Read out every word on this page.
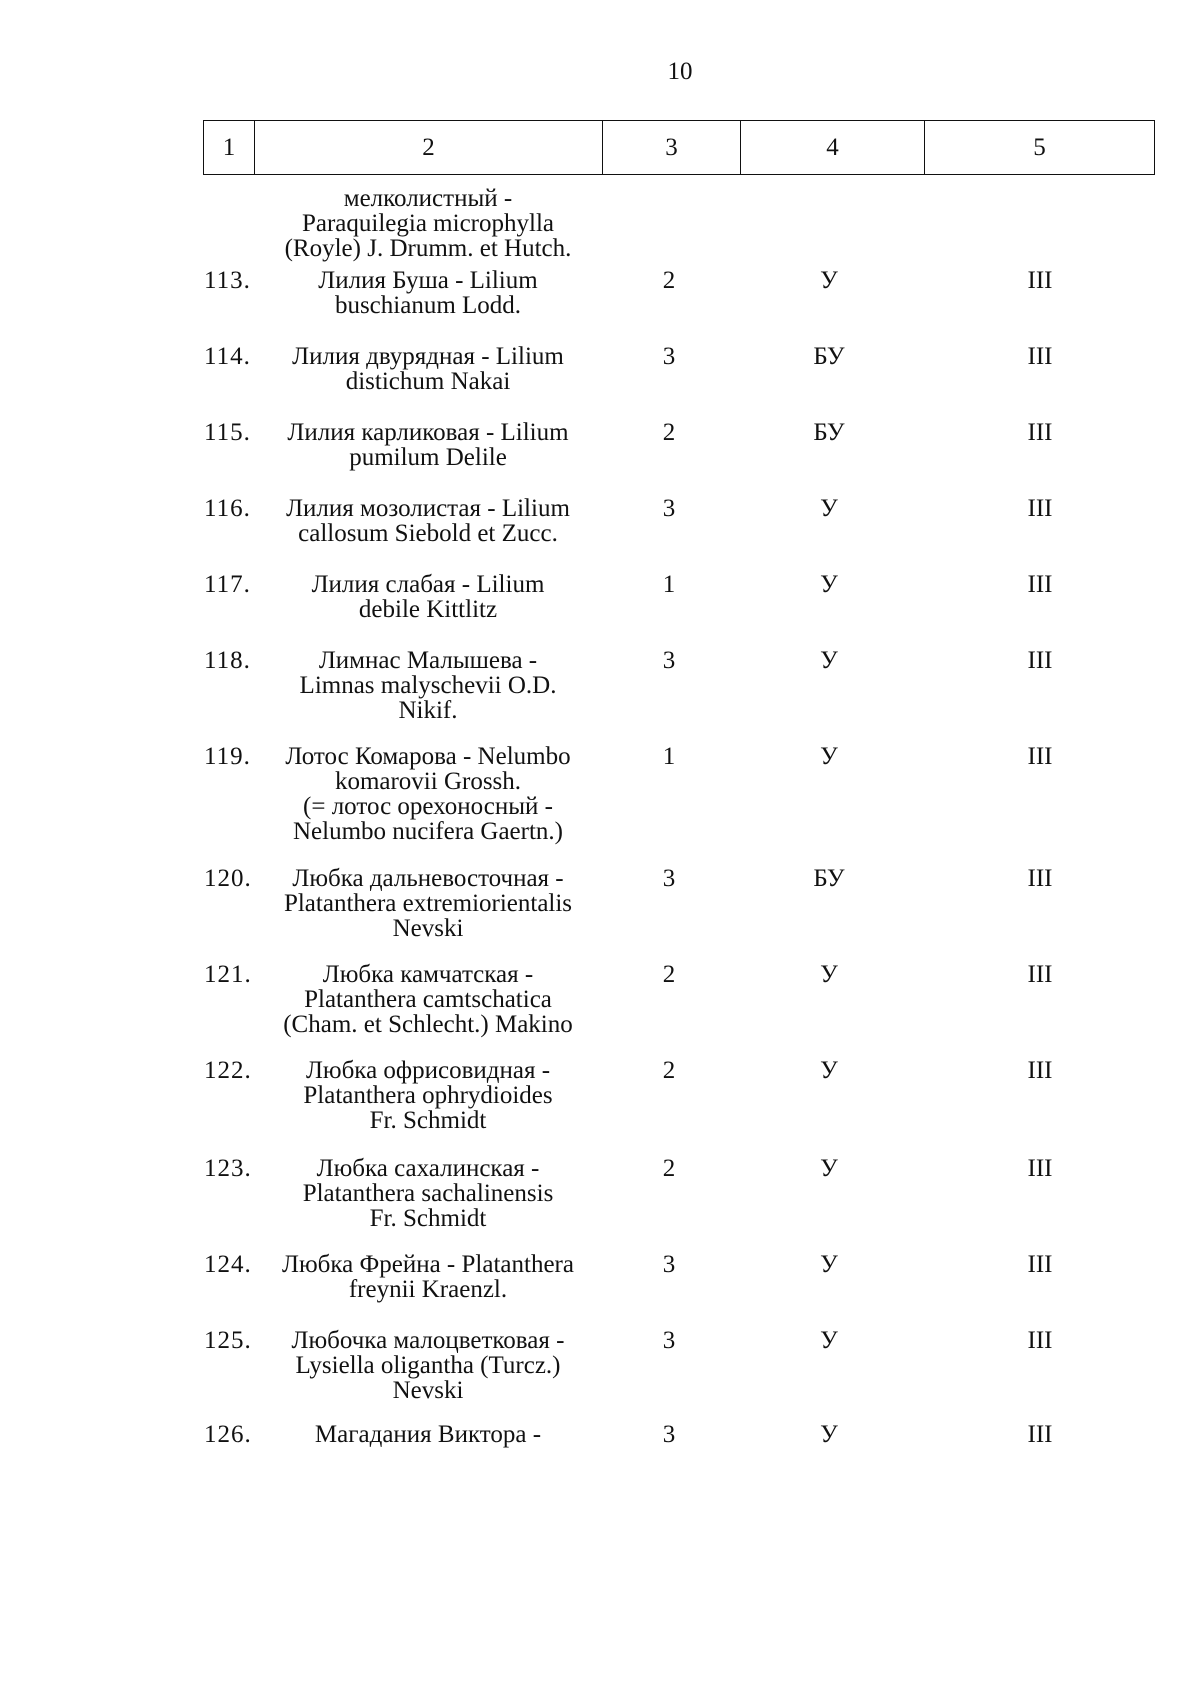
10
1	2	3	4	5
мелколистный -
Paraquilegia microphylla
(Royle) J. Drumm. et Hutch.
113.	Лилия Буша - Lilium
buschianum Lodd.
2	У	III
114.	Лилия двурядная - Lilium
distichum Nakai
3	БУ	III
115.	Лилия карликовая - Lilium
pumilum Delile
2	БУ	III
116.	Лилия мозолистая - Lilium
callosum Siebold et Zucc.
3	У	III
117.	Лилия слабая - Lilium
debile Kittlitz
1	У	III
118.	Лимнас Малышева -
Limnas malyschevii O.D.
Nikif.
3	У	III
119.	Лотос Комарова - Nelumbo
komarovii Grossh.
(= лотос орехоносный -
Nelumbo nucifera Gaertn.)
1	У	III
120.	Любка дальневосточная -
Platanthera extremiorientalis
Nevski
3	БУ	III
121.	Любка камчатская -
Platanthera camtschatica
(Cham. et Schlecht.) Makino
2	У	III
122.	Любка офрисовидная -
Platanthera ophrydioides
Fr. Schmidt
2	У	III
123.	Любка сахалинская -
Platanthera sachalinensis
Fr. Schmidt
2	У	III
124.	Любка Фрейна - Platanthera
freynii Kraenzl.
3	У	III
125.	Любочка малоцветковая -
Lysiella oligantha (Turcz.)
Nevski
3	У	III
126.	Магадания Виктора -	3	У	III
